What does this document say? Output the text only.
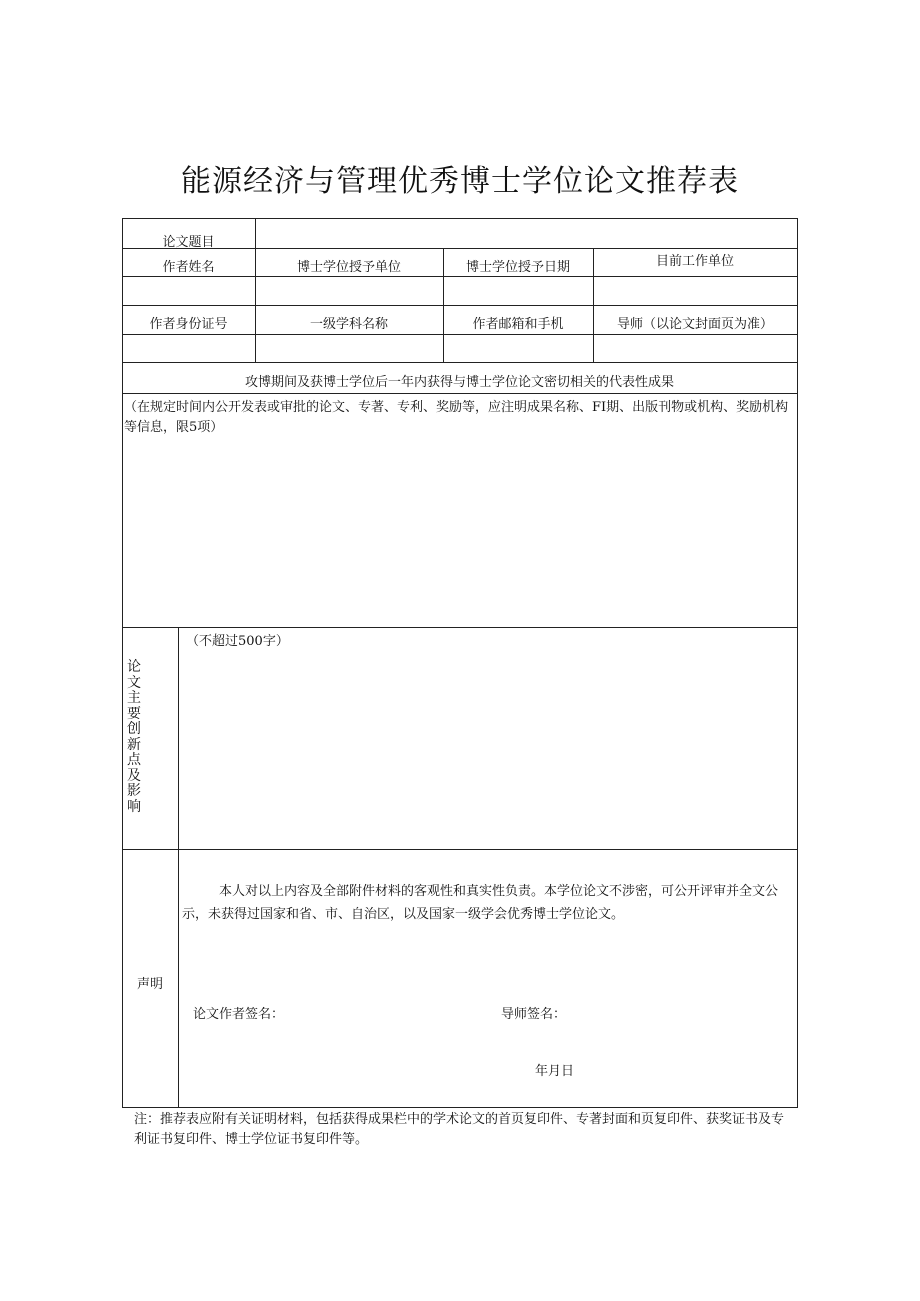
能源经济与管理优秀博士学位论文推荐表
论文题目
作者姓名	博士学位授予单位	博士学位授予日期	目前工作单位
作者身份证号	一级学科名称	作者邮箱和手机	导师（以论文封面页为准）
攻博期间及获博士学位后一年内获得与博士学位论文密切相关的代表性成果
（在规定时间内公开发表或审批的论文、专著、专利、奖励等，应注明成果名称、FI期、出版刊物或机构、奖励机构等信息，限5项）
论文主要创新点及影响
（不超过500字）
声明
本人对以上内容及全部附件材料的客观性和真实性负责。本学位论文不涉密，可公开评审并全文公示，未获得过国家和省、市、自治区，以及国家一级学会优秀博士学位论文。
论文作者签名：	导师签名：
年月日
注：推荐表应附有关证明材料，包括获得成果栏中的学术论文的首页复印件、专著封面和页复印件、获奖证书及专利证书复印件、博士学位证书复印件等。
